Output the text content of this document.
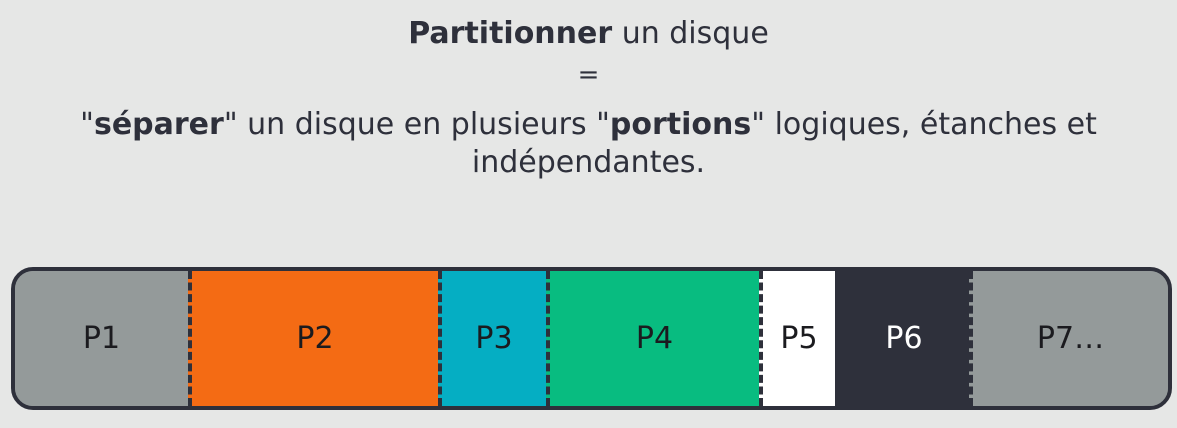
Partitionner un disque
=
"séparer" un disque en plusieurs "portions" logiques, étanches et indépendantes.
P1	P2	P3	P4	P5 P6	P7…
